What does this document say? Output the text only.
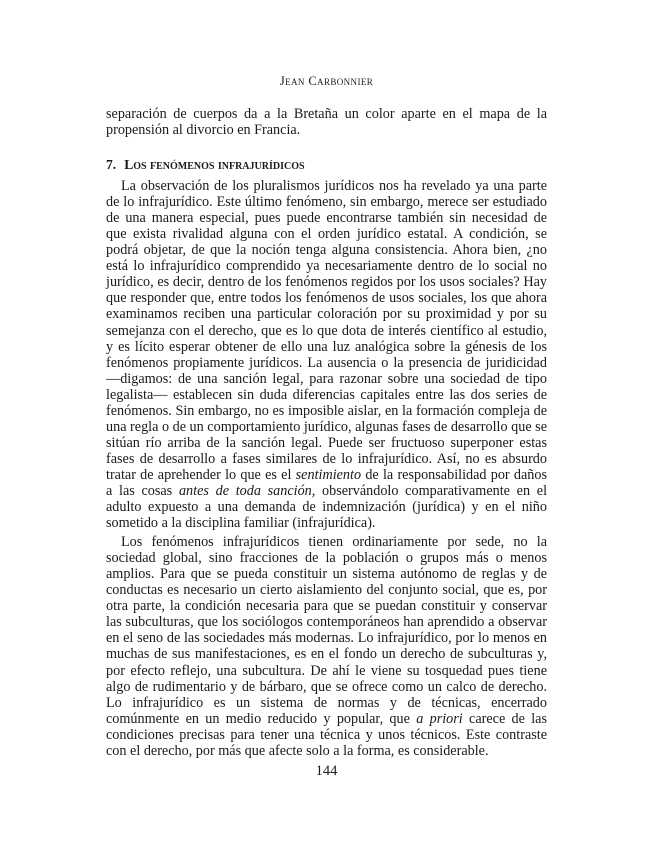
Jean Carbonnier

separación de cuerpos da a la Bretaña un color aparte en el mapa de la propensión al divorcio en Francia.

7. Los fenómenos infrajurídicos

La observación de los pluralismos jurídicos nos ha revelado ya una parte de lo infrajurídico. Este último fenómeno, sin embargo, merece ser estudiado de una manera especial, pues puede encontrarse también sin necesidad de que exista rivalidad alguna con el orden jurídico estatal. A condición, se podrá objetar, de que la noción tenga alguna consistencia. Ahora bien, ¿no está lo infrajurídico comprendido ya necesariamente dentro de lo social no jurídico, es decir, dentro de los fenómenos regidos por los usos sociales? Hay que responder que, entre todos los fenómenos de usos sociales, los que ahora examinamos reciben una particular coloración por su proximidad y por su semejanza con el derecho, que es lo que dota de interés científico al estudio, y es lícito esperar obtener de ello una luz analógica sobre la génesis de los fenómenos propiamente jurídicos. La ausencia o la presencia de juridicidad —digamos: de una sanción legal, para razonar sobre una sociedad de tipo legalista— establecen sin duda diferencias capitales entre las dos series de fenómenos. Sin embargo, no es imposible aislar, en la formación compleja de una regla o de un comportamiento jurídico, algunas fases de desarrollo que se sitúan río arriba de la sanción legal. Puede ser fructuoso superponer estas fases de desarrollo a fases similares de lo infrajurídico. Así, no es absurdo tratar de aprehender lo que es el sentimiento de la responsabilidad por daños a las cosas antes de toda sanción, observándolo comparativamente en el adulto expuesto a una demanda de indemnización (jurídica) y en el niño sometido a la disciplina familiar (infrajurídica).

Los fenómenos infrajurídicos tienen ordinariamente por sede, no la sociedad global, sino fracciones de la población o grupos más o menos amplios. Para que se pueda constituir un sistema autónomo de reglas y de conductas es necesario un cierto aislamiento del conjunto social, que es, por otra parte, la condición necesaria para que se puedan constituir y conservar las subculturas, que los sociólogos contemporáneos han aprendido a observar en el seno de las sociedades más modernas. Lo infrajurídico, por lo menos en muchas de sus manifestaciones, es en el fondo un derecho de subculturas y, por efecto reflejo, una subcultura. De ahí le viene su tosquedad pues tiene algo de rudimentario y de bárbaro, que se ofrece como un calco de derecho. Lo infrajurídico es un sistema de normas y de técnicas, encerrado comúnmente en un medio reducido y popular, que a priori carece de las condiciones precisas para tener una técnica y unos técnicos. Este contraste con el derecho, por más que afecte solo a la forma, es considerable.

144
